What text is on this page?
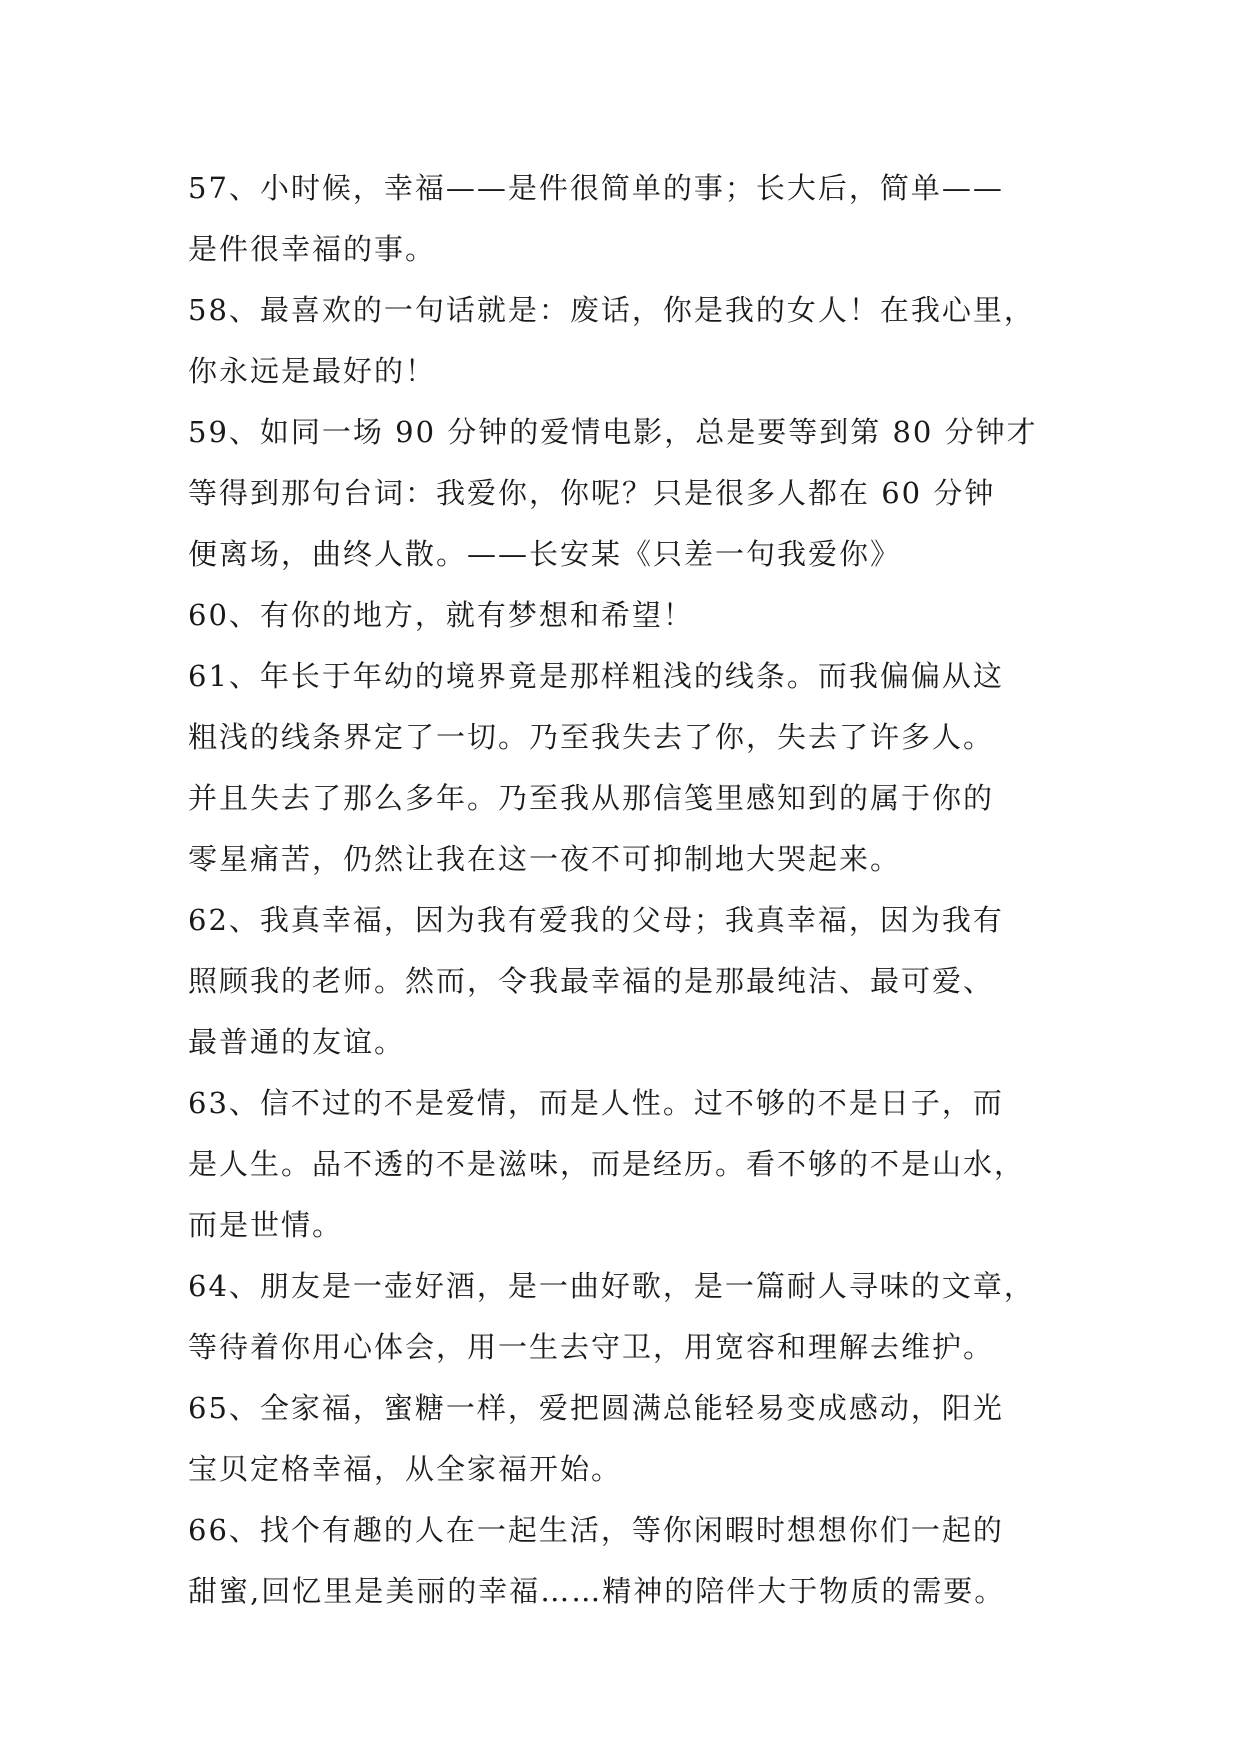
57、小时候，幸福——是件很简单的事；长大后，简单——
是件很幸福的事。
58、最喜欢的一句话就是：废话，你是我的女人！在我心里，
你永远是最好的！
59、如同一场 90 分钟的爱情电影，总是要等到第 80 分钟才
等得到那句台词：我爱你，你呢？只是很多人都在 60 分钟
便离场，曲终人散。——长安某《只差一句我爱你》
60、有你的地方，就有梦想和希望！
61、年长于年幼的境界竟是那样粗浅的线条。而我偏偏从这
粗浅的线条界定了一切。乃至我失去了你，失去了许多人。
并且失去了那么多年。乃至我从那信笺里感知到的属于你的
零星痛苦，仍然让我在这一夜不可抑制地大哭起来。
62、我真幸福，因为我有爱我的父母；我真幸福，因为我有
照顾我的老师。然而，令我最幸福的是那最纯洁、最可爱、
最普通的友谊。
63、信不过的不是爱情，而是人性。过不够的不是日子，而
是人生。品不透的不是滋味，而是经历。看不够的不是山水，
而是世情。
64、朋友是一壶好酒，是一曲好歌，是一篇耐人寻味的文章，
等待着你用心体会，用一生去守卫，用宽容和理解去维护。
65、全家福，蜜糖一样，爱把圆满总能轻易变成感动，阳光
宝贝定格幸福，从全家福开始。
66、找个有趣的人在一起生活，等你闲暇时想想你们一起的
甜蜜,回忆里是美丽的幸福……精神的陪伴大于物质的需要。
